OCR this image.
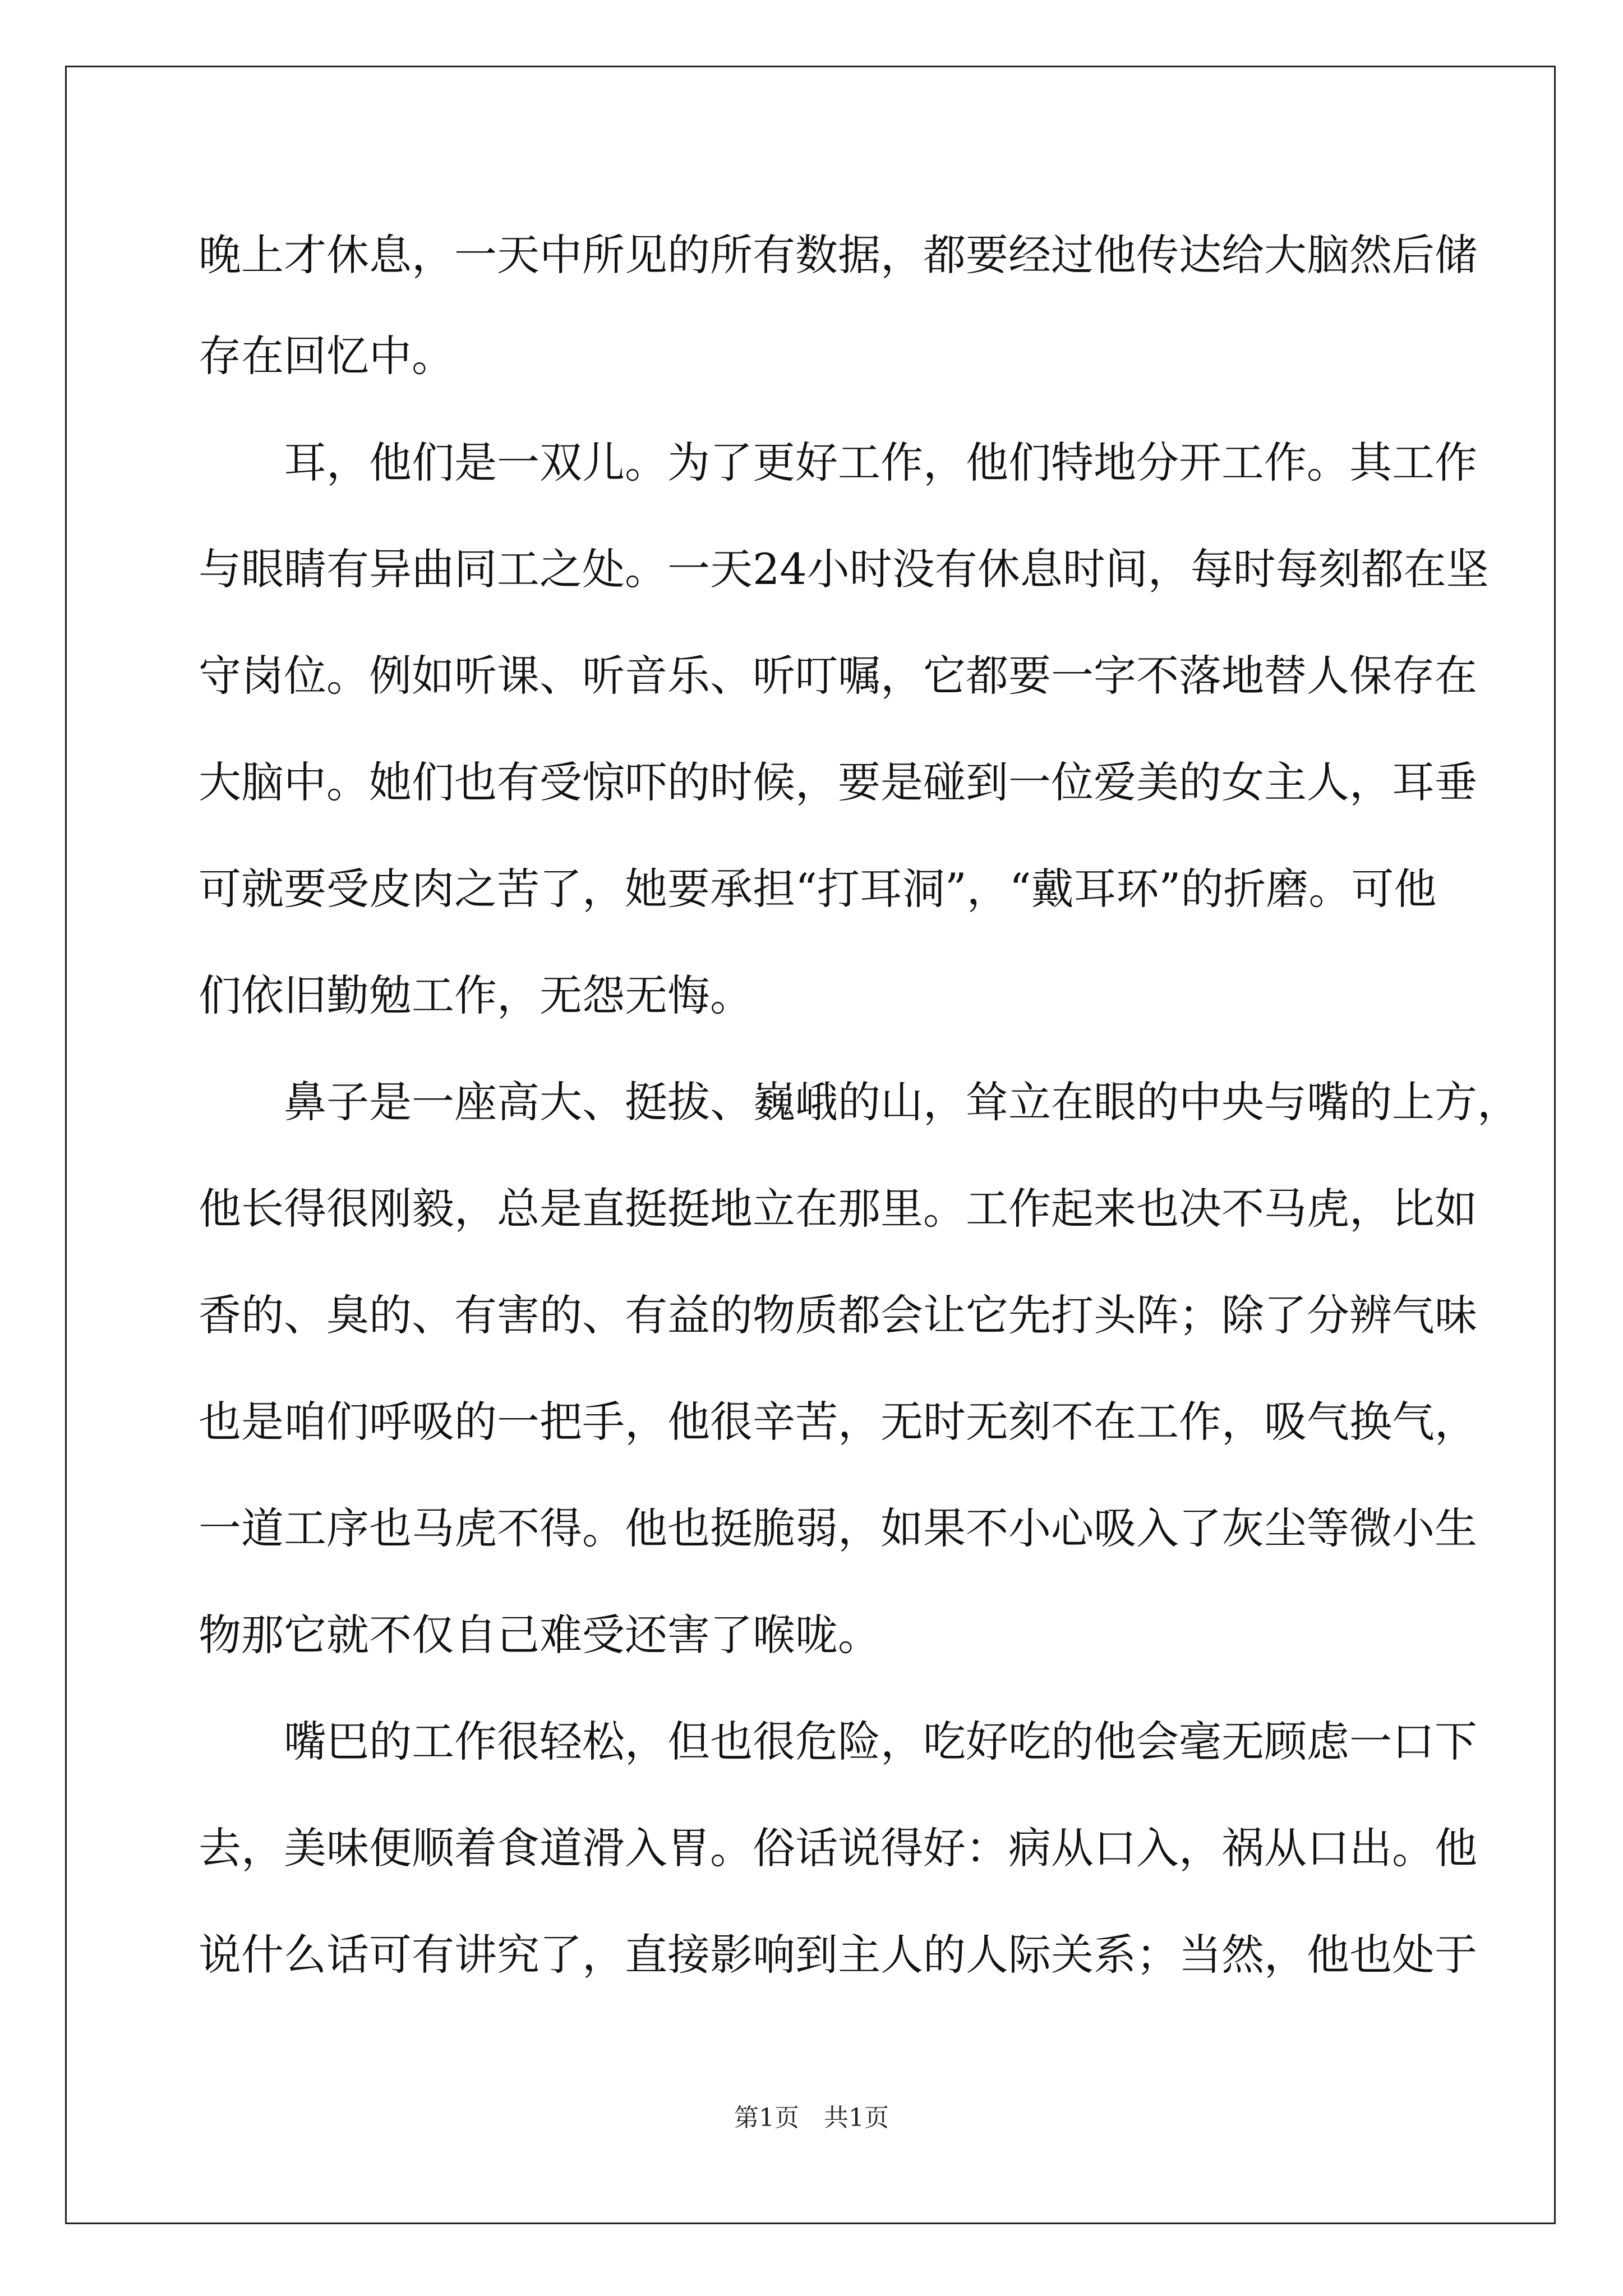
晚上才休息，一天中所见的所有数据，都要经过他传达给大脑然后储
存在回忆中。
　　耳，他们是一双儿。为了更好工作，他们特地分开工作。其工作
与眼睛有异曲同工之处。一天24小时没有休息时间，每时每刻都在坚
守岗位。例如听课、听音乐、听叮嘱，它都要一字不落地替人保存在
大脑中。她们也有受惊吓的时候，要是碰到一位爱美的女主人，耳垂
可就要受皮肉之苦了，她要承担“打耳洞”，“戴耳环”的折磨。可他
们依旧勤勉工作，无怨无悔。
　　鼻子是一座高大、挺拔、巍峨的山，耸立在眼的中央与嘴的上方，
他长得很刚毅，总是直挺挺地立在那里。工作起来也决不马虎，比如
香的、臭的、有害的、有益的物质都会让它先打头阵；除了分辨气味
也是咱们呼吸的一把手，他很辛苦，无时无刻不在工作，吸气换气，
一道工序也马虎不得。他也挺脆弱，如果不小心吸入了灰尘等微小生
物那它就不仅自己难受还害了喉咙。
　　嘴巴的工作很轻松，但也很危险，吃好吃的他会毫无顾虑一口下
去，美味便顺着食道滑入胃。俗话说得好：病从口入，祸从口出。他
说什么话可有讲究了，直接影响到主人的人际关系；当然，他也处于
第1页　共1页
